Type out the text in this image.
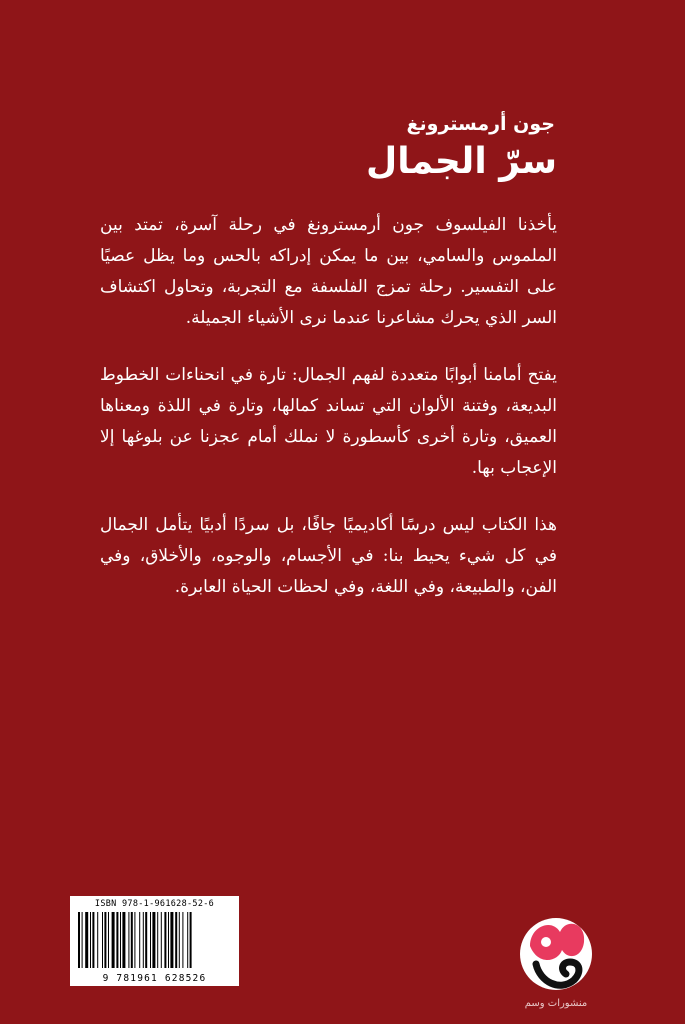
جون أرمسترونغ
سرّ الجمال

يأخذنا الفيلسوف جون أرمسترونغ في رحلة آسرة، تمتد بين الملموس والسامي، بين ما يمكن إدراكه بالحس وما يظل عصيًا على التفسير. رحلة تمزج الفلسفة مع التجربة، وتحاول اكتشاف السر الذي يحرك مشاعرنا عندما نرى الأشياء الجميلة.

يفتح أمامنا أبوابًا متعددة لفهم الجمال: تارة في انحناءات الخطوط البديعة، وفتنة الألوان التي تساند كمالها، وتارة في اللذة ومعناها العميق، وتارة أخرى كأسطورة لا نملك أمام عجزنا عن بلوغها إلا الإعجاب بها.

هذا الكتاب ليس درسًا أكاديميًا جافًا، بل سردًا أدبيًا يتأمل الجمال في كل شيء يحيط بنا: في الأجسام، والوجوه، والأخلاق، وفي الفن، والطبيعة، وفي اللغة، وفي لحظات الحياة العابرة.

ISBN 978-1-961628-52-6
9 781961 628526
منشورات وسم
